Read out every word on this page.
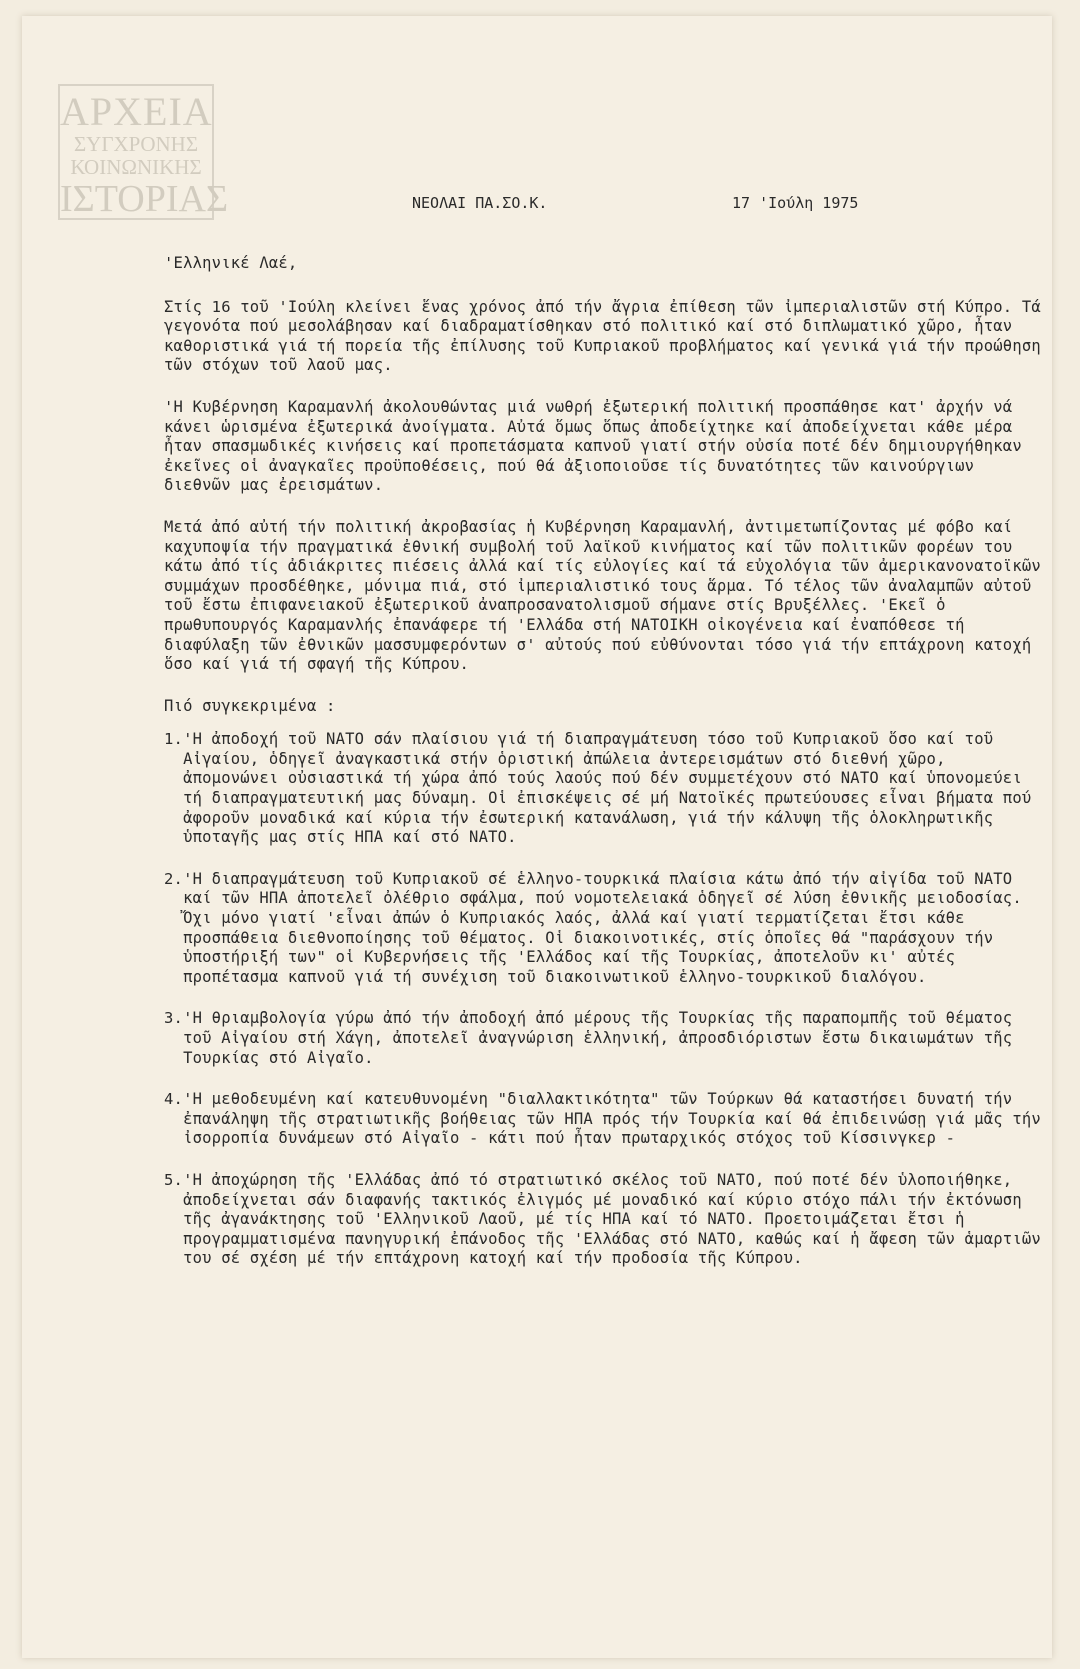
ΑΡΧΕΙΑ
ΣΥΓΧΡΟΝΗΣ
ΚΟΙΝΩΝΙΚΗΣ
ΙΣΤΟΡΙΑΣ	ΝΕΟΛΑΙ ΠΑ.ΣΟ.Κ.	17 'Ιούλη 1975
'Ελληνικέ Λαέ,

Στίς 16 τοῦ 'Ιούλη κλείνει ἕνας χρόνος ἀπό τήν ἄγρια ἐπίθεση τῶν ἰμπεριαλιστῶν στή Κύπρο. Τά γεγονότα πού μεσολάβησαν καί διαδραματίσθηκαν στό πολιτικό καί στό διπλωματικό χῶρο, ἦταν καθοριστικά γιά τή πορεία τῆς ἐπίλυσης τοῦ Κυπριακοῦ προβλήματος καί γενικά γιά τήν προώθηση τῶν στόχων τοῦ λαοῦ μας.

'Η Κυβέρνηση Καραμανλή ἀκολουθώντας μιά νωθρή ἐξωτερική πολιτική προσπάθησε κατ' ἀρχήν νά κάνει ὡρισμένα ἐξωτερικά ἀνοίγματα. Αὐτά ὅμως ὅπως ἀποδείχτηκε καί ἀποδείχνεται κάθε μέρα ἦταν σπασμωδικές κινήσεις καί προπετάσματα καπνοῦ γιατί στήν οὐσία ποτέ δέν δημιουργήθηκαν ἐκεῖνες οἱ ἀναγκαῖες προϋποθέσεις, πού θά ἀξιοποιοῦσε τίς δυνατότητες τῶν καινούργιων διεθνῶν μας ἐρεισμάτων.

Μετά ἀπό αὐτή τήν πολιτική ἀκροβασίας ἡ Κυβέρνηση Καραμανλή, ἀντιμετωπίζοντας μέ φόβο καί καχυποψία τήν πραγματικά ἐθνική συμβολή τοῦ λαϊκοῦ κινήματος καί τῶν πολιτικῶν φορέων του κάτω ἀπό τίς ἀδιάκριτες πιέσεις ἀλλά καί τίς εὐλογίες καί τά εὐχολόγια τῶν ἀμερικανονατοϊκῶν συμμάχων προσδέθηκε, μόνιμα πιά, στό ἰμπεριαλιστικό τους ἅρμα. Τό τέλος τῶν ἀναλαμπῶν αὐτοῦ τοῦ ἔστω ἐπιφανειακοῦ ἐξωτερικοῦ ἀναπροσανατολισμοῦ σήμανε στίς Βρυξέλλες. 'Εκεῖ ὁ πρωθυπουργός Καραμανλής ἐπανάφερε τή 'Ελλάδα στή ΝΑΤΟΙΚΗ οἰκογένεια καί ἐναπόθεσε τή διαφύλαξη τῶν ἐθνικῶν μασσυμφερόντων σ' αὐτούς πού εὐθύνονται τόσο γιά τήν επτάχρονη κατοχή ὅσο καί γιά τή σφαγή τῆς Κύπρου.

Πιό συγκεκριμένα :
1. 'Η ἀποδοχή τοῦ ΝΑΤΟ σάν πλαίσιου γιά τή διαπραγμάτευση τόσο τοῦ Κυπριακοῦ ὅσο καί τοῦ Αἰγαίου, ὁδηγεῖ ἀναγκαστικά στήν ὁριστική ἀπώλεια ἀντερεισμάτων στό διεθνή χῶρο, ἀπομονώνει οὐσιαστικά τή χώρα ἀπό τούς λαούς πού δέν συμμετέχουν στό ΝΑΤΟ καί ὑπονομεύει τή διαπραγματευτική μας δύναμη. Οἱ ἐπισκέψεις σέ μή Νατοϊκές πρωτεύουσες εἶναι βήματα πού ἀφοροῦν μοναδικά καί κύρια τήν ἐσωτερική κατανάλωση, γιά τήν κάλυψη τῆς ὁλοκληρωτικῆς ὑποταγῆς μας στίς ΗΠΑ καί στό ΝΑΤΟ.
2. 'Η διαπραγμάτευση τοῦ Κυπριακοῦ σέ ἑλληνο-τουρκικά πλαίσια κάτω ἀπό τήν αἰγίδα τοῦ ΝΑΤΟ καί τῶν ΗΠΑ ἀποτελεῖ ὀλέθριο σφάλμα, πού νομοτελειακά ὁδηγεῖ σέ λύση ἐθνικῆς μειοδοσίας. Ὄχι μόνο γιατί 'εἶναι ἀπών ὁ Κυπριακός λαός, ἀλλά καί γιατί τερματίζεται ἔτσι κάθε προσπάθεια διεθνοποίησης τοῦ θέματος. Οἱ διακοινοτικές, στίς ὁποῖες θά "παράσχουν τήν ὑποστήριξή των" οἱ Κυβερνήσεις τῆς 'Ελλάδος καί τῆς Τουρκίας, ἀποτελοῦν κι' αὐτές προπέτασμα καπνοῦ γιά τή συνέχιση τοῦ διακοινωτικοῦ ἑλληνο-τουρκικοῦ διαλόγου.
3. 'Η θριαμβολογία γύρω ἀπό τήν ἀποδοχή ἀπό μέρους τῆς Τουρκίας τῆς παραπομπῆς τοῦ θέματος τοῦ Αἰγαίου στή Χάγη, ἀποτελεῖ ἀναγνώριση ἑλληνική, ἀπροσδιόριστων ἔστω δικαιωμάτων τῆς Τουρκίας στό Αἰγαῖο.
4. 'Η μεθοδευμένη καί κατευθυνομένη "διαλλακτικότητα" τῶν Τούρκων θά καταστήσει δυνατή τήν ἐπανάληψη τῆς στρατιωτικῆς βοήθειας τῶν ΗΠΑ πρός τήν Τουρκία καί θά ἐπιδεινώσῃ γιά μᾶς τήν ἰσορροπία δυνάμεων στό Αἰγαῖο - κάτι πού ἦταν πρωταρχικός στόχος τοῦ Κίσσινγκερ -
5. 'Η ἀποχώρηση τῆς 'Ελλάδας ἀπό τό στρατιωτικό σκέλος τοῦ ΝΑΤΟ, πού ποτέ δέν ὑλοποιήθηκε, ἀποδείχνεται σάν διαφανής τακτικός ἐλιγμός μέ μοναδικό καί κύριο στόχο πάλι τήν ἐκτόνωση τῆς ἀγανάκτησης τοῦ 'Ελληνικοῦ Λαοῦ, μέ τίς ΗΠΑ καί τό ΝΑΤΟ. Προετοιμάζεται ἔτσι ἡ προγραμματισμένα πανηγυρική ἐπάνοδος τῆς 'Ελλάδας στό ΝΑΤΟ, καθώς καί ἡ ἄφεση τῶν ἁμαρτιῶν του σέ σχέση μέ τήν επτάχρονη κατοχή καί τήν προδοσία τῆς Κύπρου.
